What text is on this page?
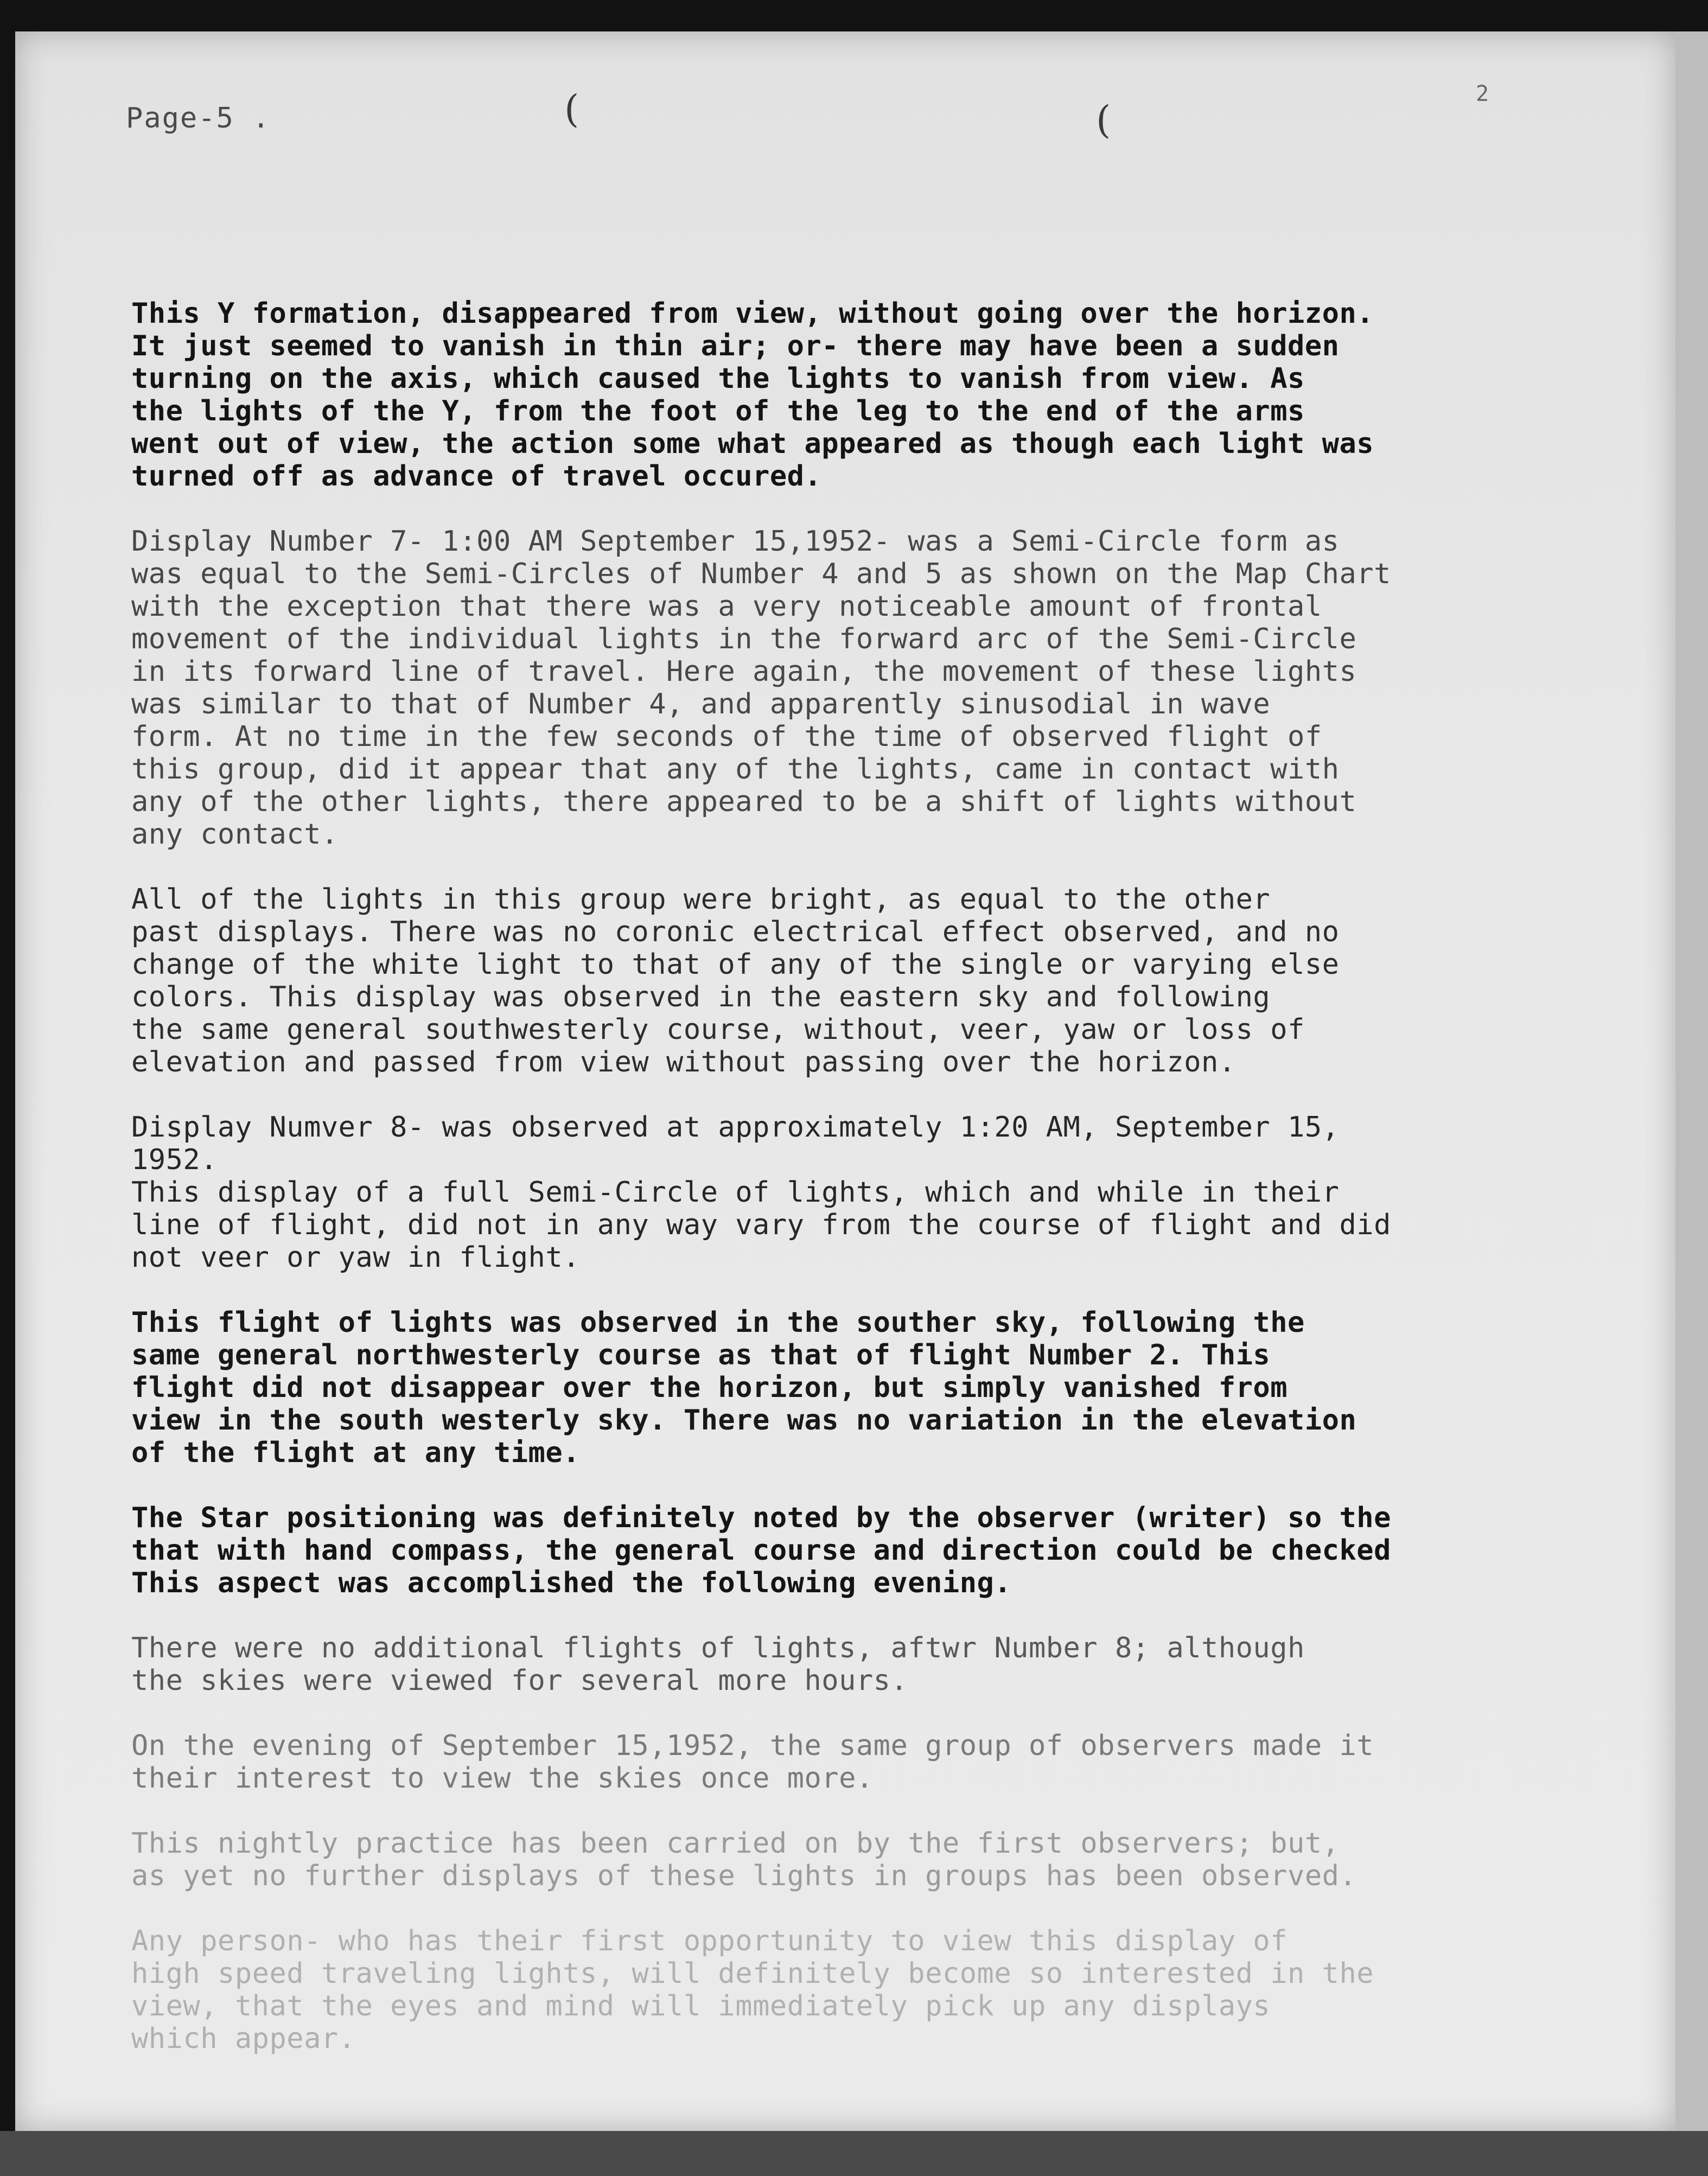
Page-5 .	(	(
2

This Y formation, disappeared from view, without going over the horizon.
It just seemed to vanish in thin air; or- there may have been a sudden
turning on the axis, which caused the lights to vanish from view. As
the lights of the Y, from the foot of the leg to the end of the arms
went out of view, the action some what appeared as though each light was
turned off as advance of travel occured.

Display Number 7- 1:00 AM September 15,1952- was a Semi-Circle form as
was equal to the Semi-Circles of Number 4 and 5 as shown on the Map Chart
with the exception that there was a very noticeable amount of frontal
movement of the individual lights in the forward arc of the Semi-Circle
in its forward line of travel. Here again, the movement of these lights
was similar to that of Number 4, and apparently sinusodial in wave
form. At no time in the few seconds of the time of observed flight of
this group, did it appear that any of the lights, came in contact with
any of the other lights, there appeared to be a shift of lights without
any contact.

All of the lights in this group were bright, as equal to the other
past displays. There was no coronic electrical effect observed, and no
change of the white light to that of any of the single or varying else
colors. This display was observed in the eastern sky and following
the same general southwesterly course, without, veer, yaw or loss of
elevation and passed from view without passing over the horizon.

Display Numver 8- was observed at approximately 1:20 AM, September 15,
1952.
This display of a full Semi-Circle of lights, which and while in their
line of flight, did not in any way vary from the course of flight and did
not veer or yaw in flight.

This flight of lights was observed in the souther sky, following the
same general northwesterly course as that of flight Number 2. This
flight did not disappear over the horizon, but simply vanished from
view in the south westerly sky. There was no variation in the elevation
of the flight at any time.

The Star positioning was definitely noted by the observer (writer) so the
that with hand compass, the general course and direction could be checked
This aspect was accomplished the following evening.

There were no additional flights of lights, aftwr Number 8; although
the skies were viewed for several more hours.

On the evening of September 15,1952, the same group of observers made it
their interest to view the skies once more.

This nightly practice has been carried on by the first observers; but,
as yet no further displays of these lights in groups has been observed.

Any person- who has their first opportunity to view this display of
high speed traveling lights, will definitely become so interested in the
view, that the eyes and mind will immediately pick up any displays
which appear.
